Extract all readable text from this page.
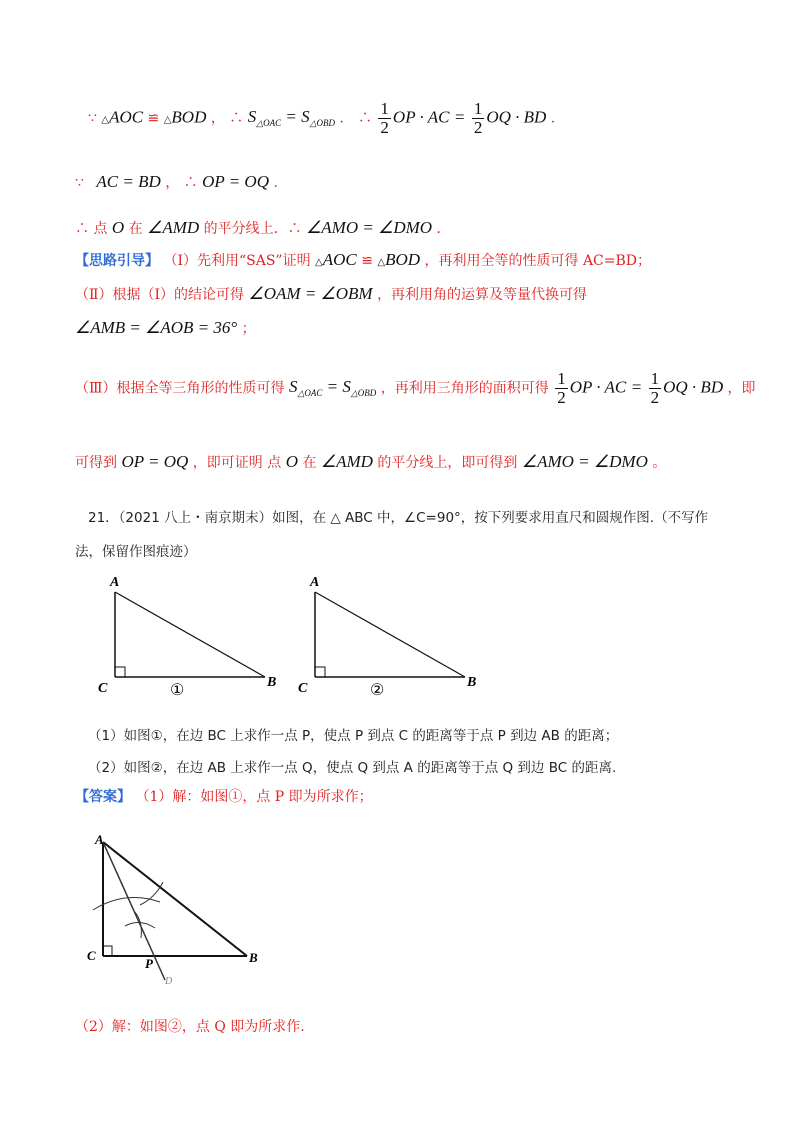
∵ △AOC ≌ △BOD ， ∴ $S_{\triangle OAC} = S_{\triangle OBD}$ ． ∴ $\frac{1}{2}$ OP · AC = $\frac{1}{2}$ OQ · BD .
∵ AC = BD ， ∴ OP = OQ .
∴ 点 O 在 ∠AMD 的平分线上．∴ ∠AMO = ∠DMO ．
【思路引导】 （Ⅰ）先利用“SAS”证明 △AOC ≌ △BOD ，再利用全等的性质可得 AC=BD；
（Ⅱ）根据（Ⅰ）的结论可得 ∠OAM = ∠OBM ，再利用角的运算及等量代换可得
∠AMB = ∠AOB = 36° ；
（Ⅲ）根据全等三角形的性质可得 $S_{\triangle OAC} = S_{\triangle OBD}$ ，再利用三角形的面积可得 $\frac{1}{2}$ OP · AC = $\frac{1}{2}$ OQ · BD ，即
可得到 OP = OQ ，即可证明 点 O 在 ∠AMD 的平分线上，即可得到 ∠AMO = ∠DMO 。
21．（2021 八上・南京期末）如图，在 △ ABC 中，∠C=90°，按下列要求用直尺和圆规作图.（不写作
法，保留作图痕迹）
A
C	B
①
A
C	B
②
（1）如图①，在边 BC 上求作一点 P，使点 P 到点 C 的距离等于点 P 到边 AB 的距离；
（2）如图②，在边 AB 上求作一点 Q，使点 Q 到点 A 的距离等于点 Q 到边 BC 的距离.
【答案】 （1）解：如图①，点 P 即为所求作；
A
C	B
P
D
（2）解：如图②，点 Q 即为所求作.
